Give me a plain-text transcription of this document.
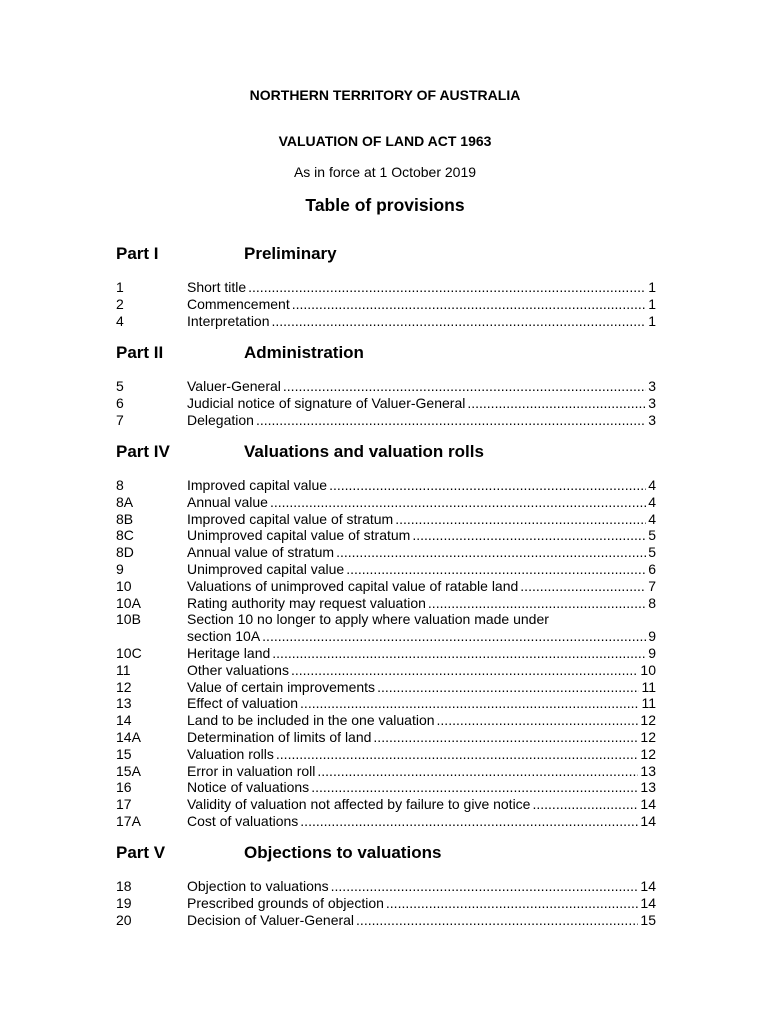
NORTHERN TERRITORY OF AUSTRALIA
VALUATION OF LAND ACT 1963
As in force at 1 October 2019
Table of provisions
Part I	Preliminary
1	Short title .....	1
2	Commencement .....	1
4	Interpretation .....	1
Part II	Administration
5	Valuer-General .....	3
6	Judicial notice of signature of Valuer-General .....	3
7	Delegation .....	3
Part IV	Valuations and valuation rolls
8	Improved capital value .....	4
8A	Annual value .....	4
8B	Improved capital value of stratum .....	4
8C	Unimproved capital value of stratum .....	5
8D	Annual value of stratum .....	5
9	Unimproved capital value .....	6
10	Valuations of unimproved capital value of ratable land .....	7
10A	Rating authority may request valuation .....	8
10B	Section 10 no longer to apply where valuation made under
section 10A .....	9
10C	Heritage land .....	9
11	Other valuations .....	10
12	Value of certain improvements .....	11
13	Effect of valuation .....	11
14	Land to be included in the one valuation .....	12
14A	Determination of limits of land .....	12
15	Valuation rolls .....	12
15A	Error in valuation roll .....	13
16	Notice of valuations .....	13
17	Validity of valuation not affected by failure to give notice .....	14
17A	Cost of valuations .....	14
Part V	Objections to valuations
18	Objection to valuations .....	14
19	Prescribed grounds of objection .....	14
20	Decision of Valuer-General .....	15
